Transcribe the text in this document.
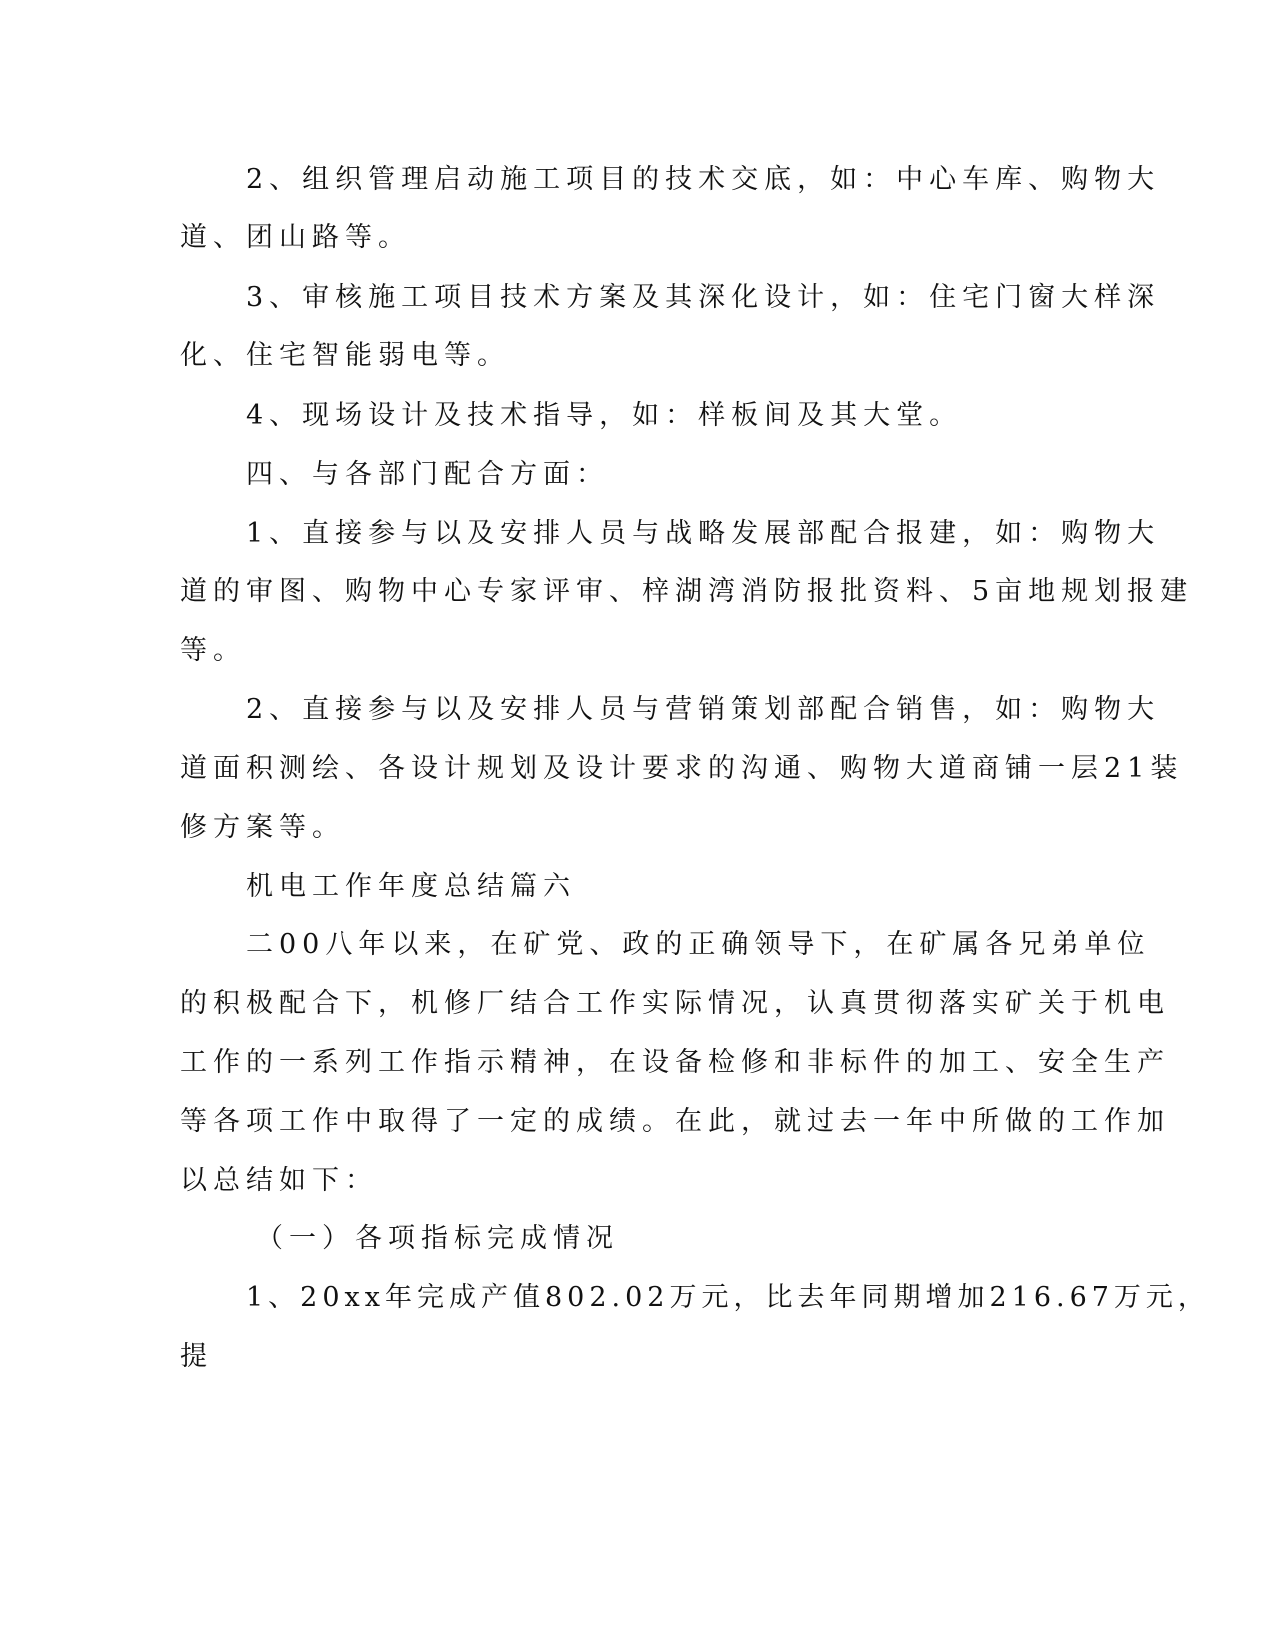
2、组织管理启动施工项目的技术交底，如：中心车库、购物大
道、团山路等。
3、审核施工项目技术方案及其深化设计，如：住宅门窗大样深
化、住宅智能弱电等。
4、现场设计及技术指导，如：样板间及其大堂。
四、与各部门配合方面：
1、直接参与以及安排人员与战略发展部配合报建，如：购物大
道的审图、购物中心专家评审、梓湖湾消防报批资料、5亩地规划报建
等。
2、直接参与以及安排人员与营销策划部配合销售，如：购物大
道面积测绘、各设计规划及设计要求的沟通、购物大道商铺一层21装
修方案等。
机电工作年度总结篇六
二00八年以来，在矿党、政的正确领导下，在矿属各兄弟单位
的积极配合下，机修厂结合工作实际情况，认真贯彻落实矿关于机电
工作的一系列工作指示精神，在设备检修和非标件的加工、安全生产
等各项工作中取得了一定的成绩。在此，就过去一年中所做的工作加
以总结如下：
（一）各项指标完成情况
1、20xx年完成产值802.02万元，比去年同期增加216.67万元，
提
